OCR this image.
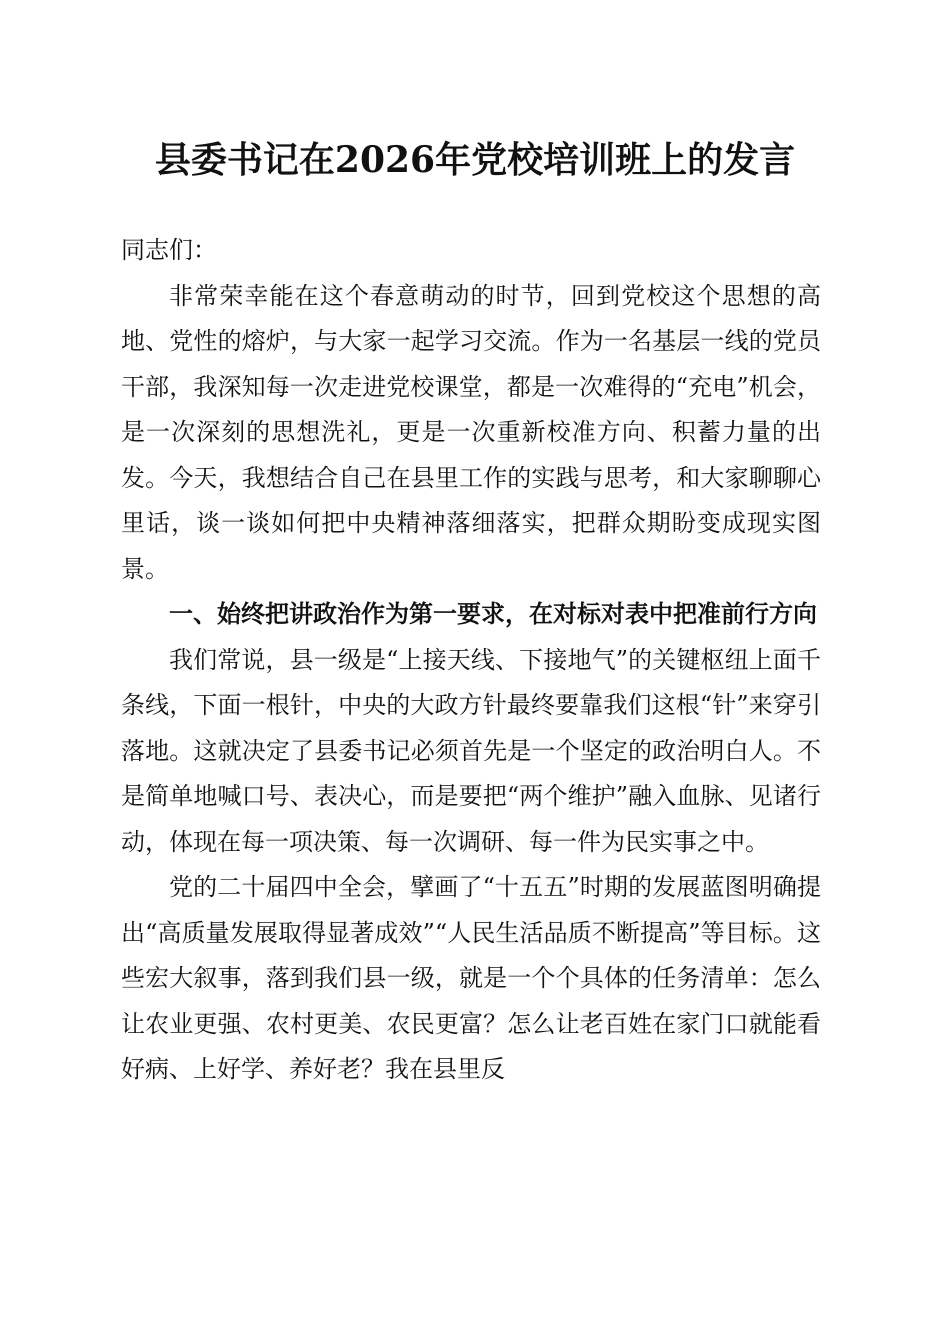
县委书记在2026年党校培训班上的发言

同志们：

非常荣幸能在这个春意萌动的时节，回到党校这个思想的高地、党性的熔炉，与大家一起学习交流。作为一名基层一线的党员干部，我深知每一次走进党校课堂，都是一次难得的“充电”机会，是一次深刻的思想洗礼，更是一次重新校准方向、积蓄力量的出发。今天，我想结合自己在县里工作的实践与思考，和大家聊聊心里话，谈一谈如何把中央精神落细落实，把群众期盼变成现实图景。

一、始终把讲政治作为第一要求，在对标对表中把准前行方向

我们常说，县一级是“上接天线、下接地气”的关键枢纽上面千条线，下面一根针，中央的大政方针最终要靠我们这根“针”来穿引落地。这就决定了县委书记必须首先是一个坚定的政治明白人。不是简单地喊口号、表决心，而是要把“两个维护”融入血脉、见诸行动，体现在每一项决策、每一次调研、每一件为民实事之中。

党的二十届四中全会，擘画了“十五五”时期的发展蓝图明确提出“高质量发展取得显著成效”“人民生活品质不断提高”等目标。这些宏大叙事，落到我们县一级，就是一个个具体的任务清单：怎么让农业更强、农村更美、农民更富？怎么让老百姓在家门口就能看好病、上好学、养好老？我在县里反
